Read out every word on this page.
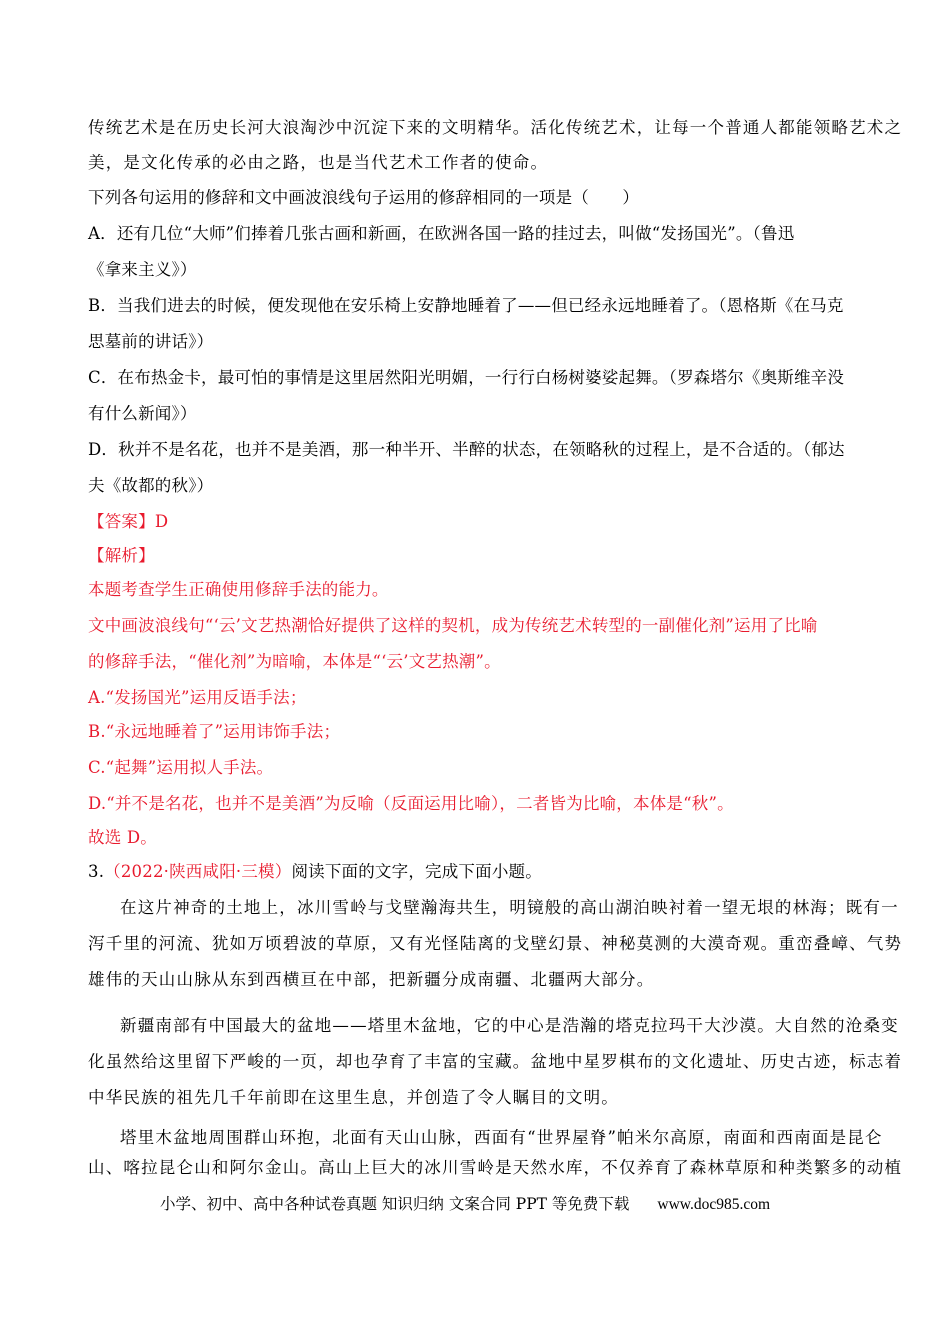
传统艺术是在历史长河大浪淘沙中沉淀下来的文明精华。活化传统艺术，让每一个普通人都能领略艺术之
美，是文化传承的必由之路，也是当代艺术工作者的使命。
下列各句运用的修辞和文中画波浪线句子运用的修辞相同的一项是（　　）
A．还有几位“大师”们捧着几张古画和新画，在欧洲各国一路的挂过去，叫做“发扬国光”。（鲁迅
《拿来主义》）
B．当我们进去的时候，便发现他在安乐椅上安静地睡着了——但已经永远地睡着了。（恩格斯《在马克
思墓前的讲话》）
C．在布热金卡，最可怕的事情是这里居然阳光明媚，一行行白杨树婆娑起舞。（罗森塔尔《奥斯维辛没
有什么新闻》）
D．秋并不是名花，也并不是美酒，那一种半开、半醉的状态，在领略秋的过程上，是不合适的。（郁达
夫《故都的秋》）
【答案】D
【解析】
本题考查学生正确使用修辞手法的能力。
文中画波浪线句“‘云’文艺热潮恰好提供了这样的契机，成为传统艺术转型的一副催化剂”运用了比喻
的修辞手法，“催化剂”为暗喻，本体是“‘云’文艺热潮”。
A.“发扬国光”运用反语手法；
B.“永远地睡着了”运用讳饰手法；
C.“起舞”运用拟人手法。
D.“并不是名花，也并不是美酒”为反喻（反面运用比喻），二者皆为比喻，本体是“秋”。
故选 D。
3.（2022·陕西咸阳·三模）阅读下面的文字，完成下面小题。
在这片神奇的土地上，冰川雪岭与戈壁瀚海共生，明镜般的高山湖泊映衬着一望无垠的林海；既有一
泻千里的河流、犹如万顷碧波的草原，又有光怪陆离的戈壁幻景、神秘莫测的大漠奇观。重峦叠嶂、气势
雄伟的天山山脉从东到西横亘在中部，把新疆分成南疆、北疆两大部分。
新疆南部有中国最大的盆地——塔里木盆地，它的中心是浩瀚的塔克拉玛干大沙漠。大自然的沧桑变
化虽然给这里留下严峻的一页，却也孕育了丰富的宝藏。盆地中星罗棋布的文化遗址、历史古迹，标志着
中华民族的祖先几千年前即在这里生息，并创造了令人瞩目的文明。
塔里木盆地周围群山环抱，北面有天山山脉，西面有“世界屋脊”帕米尔高原，南面和西南面是昆仑
山、喀拉昆仑山和阿尔金山。高山上巨大的冰川雪岭是天然水库，不仅养育了森林草原和种类繁多的动植
小学、初中、高中各种试卷真题 知识归纳 文案合同 PPT 等免费下载 www.doc985.com
